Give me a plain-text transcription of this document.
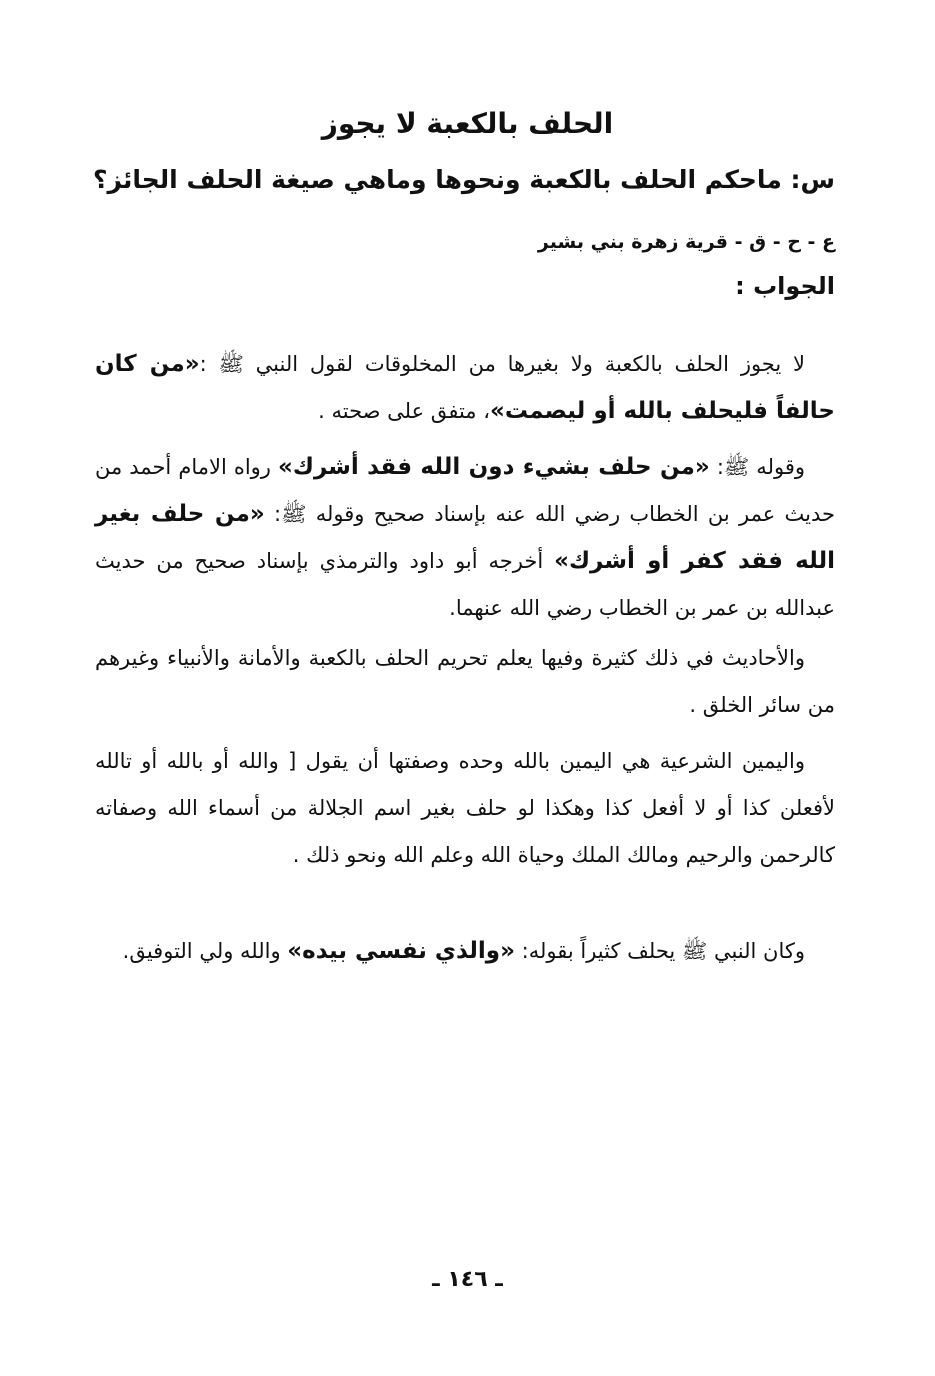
الحلف بالكعبة لا يجوز
س: ماحكم الحلف بالكعبة ونحوها وماهي صيغة الحلف الجائز؟
ع - ح - ق - قرية زهرة بني بشير
الجواب :

لا يجوز الحلف بالكعبة ولا بغيرها من المخلوقات لقول النبي ﷺ :«من كان حالفاً فليحلف بالله أو ليصمت»، متفق على صحته .

وقوله ﷺ: «من حلف بشيء دون الله فقد أشرك» رواه الامام أحمد من حديث عمر بن الخطاب رضي الله عنه بإسناد صحيح وقوله ﷺ: «من حلف بغير الله فقد كفر أو أشرك» أخرجه أبو داود والترمذي بإسناد صحيح من حديث عبدالله بن عمر بن الخطاب رضي الله عنهما.

والأحاديث في ذلك كثيرة وفيها يعلم تحريم الحلف بالكعبة والأمانة والأنبياء وغيرهم من سائر الخلق .

واليمين الشرعية هي اليمين بالله وحده وصفتها أن يقول [ والله أو بالله أو تالله لأفعلن كذا أو لا أفعل كذا وهكذا لو حلف بغير اسم الجلالة من أسماء الله وصفاته كالرحمن والرحيم ومالك الملك وحياة الله وعلم الله ونحو ذلك .

وكان النبي ﷺ يحلف كثيراً بقوله: «والذي نفسي بيده» والله ولي التوفيق.

ـ ١٤٦ ـ
